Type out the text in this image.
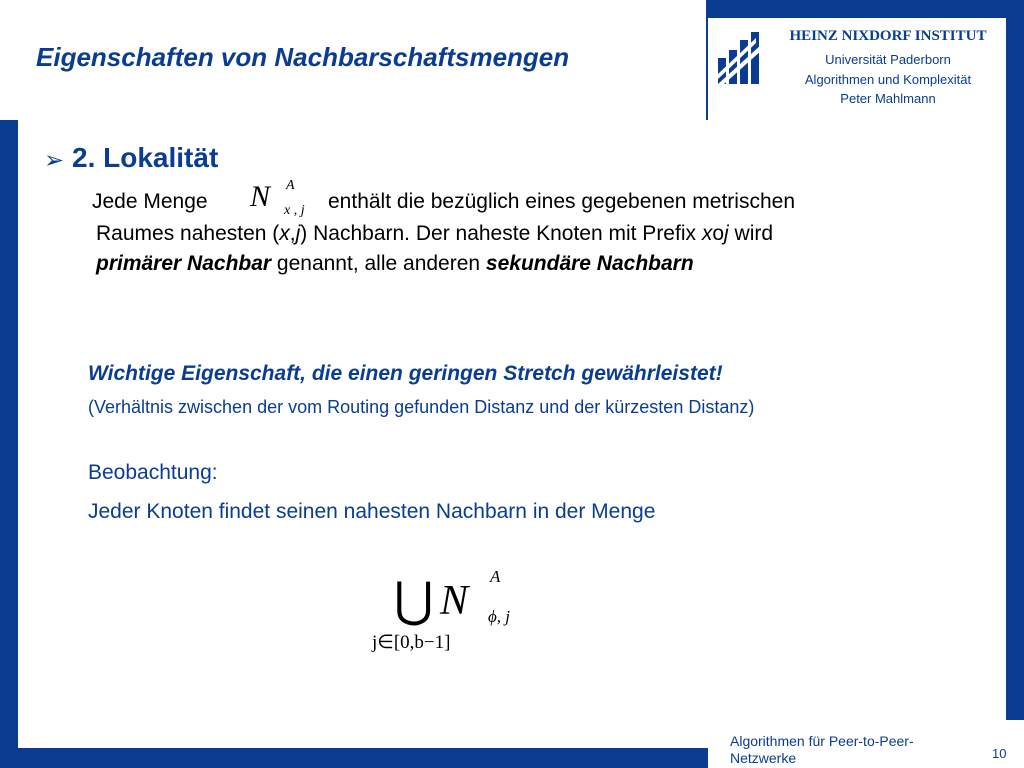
HEINZ NIXDORF INSTITUT
Universität Paderborn
Algorithmen und Komplexität
Peter Mahlmann
Eigenschaften von Nachbarschaftsmengen
➢ 2. Lokalität
Jede Menge N A
x , j enthält die bezüglich eines gegebenen metrischen
Raumes nahesten (x,j) Nachbarn. Der naheste Knoten mit Prefix xoj wird
primärer Nachbar genannt, alle anderen sekundäre Nachbarn
Wichtige Eigenschaft, die einen geringen Stretch gewährleistet!
(Verhältnis zwischen der vom Routing gefunden Distanz und der kürzesten Distanz)
Beobachtung:
Jeder Knoten findet seinen nahesten Nachbarn in der Menge
⋃ N
A
ϕ, j
j∈[0,b−1]
Algorithmen für Peer-to-Peer-Netzwerke	10
